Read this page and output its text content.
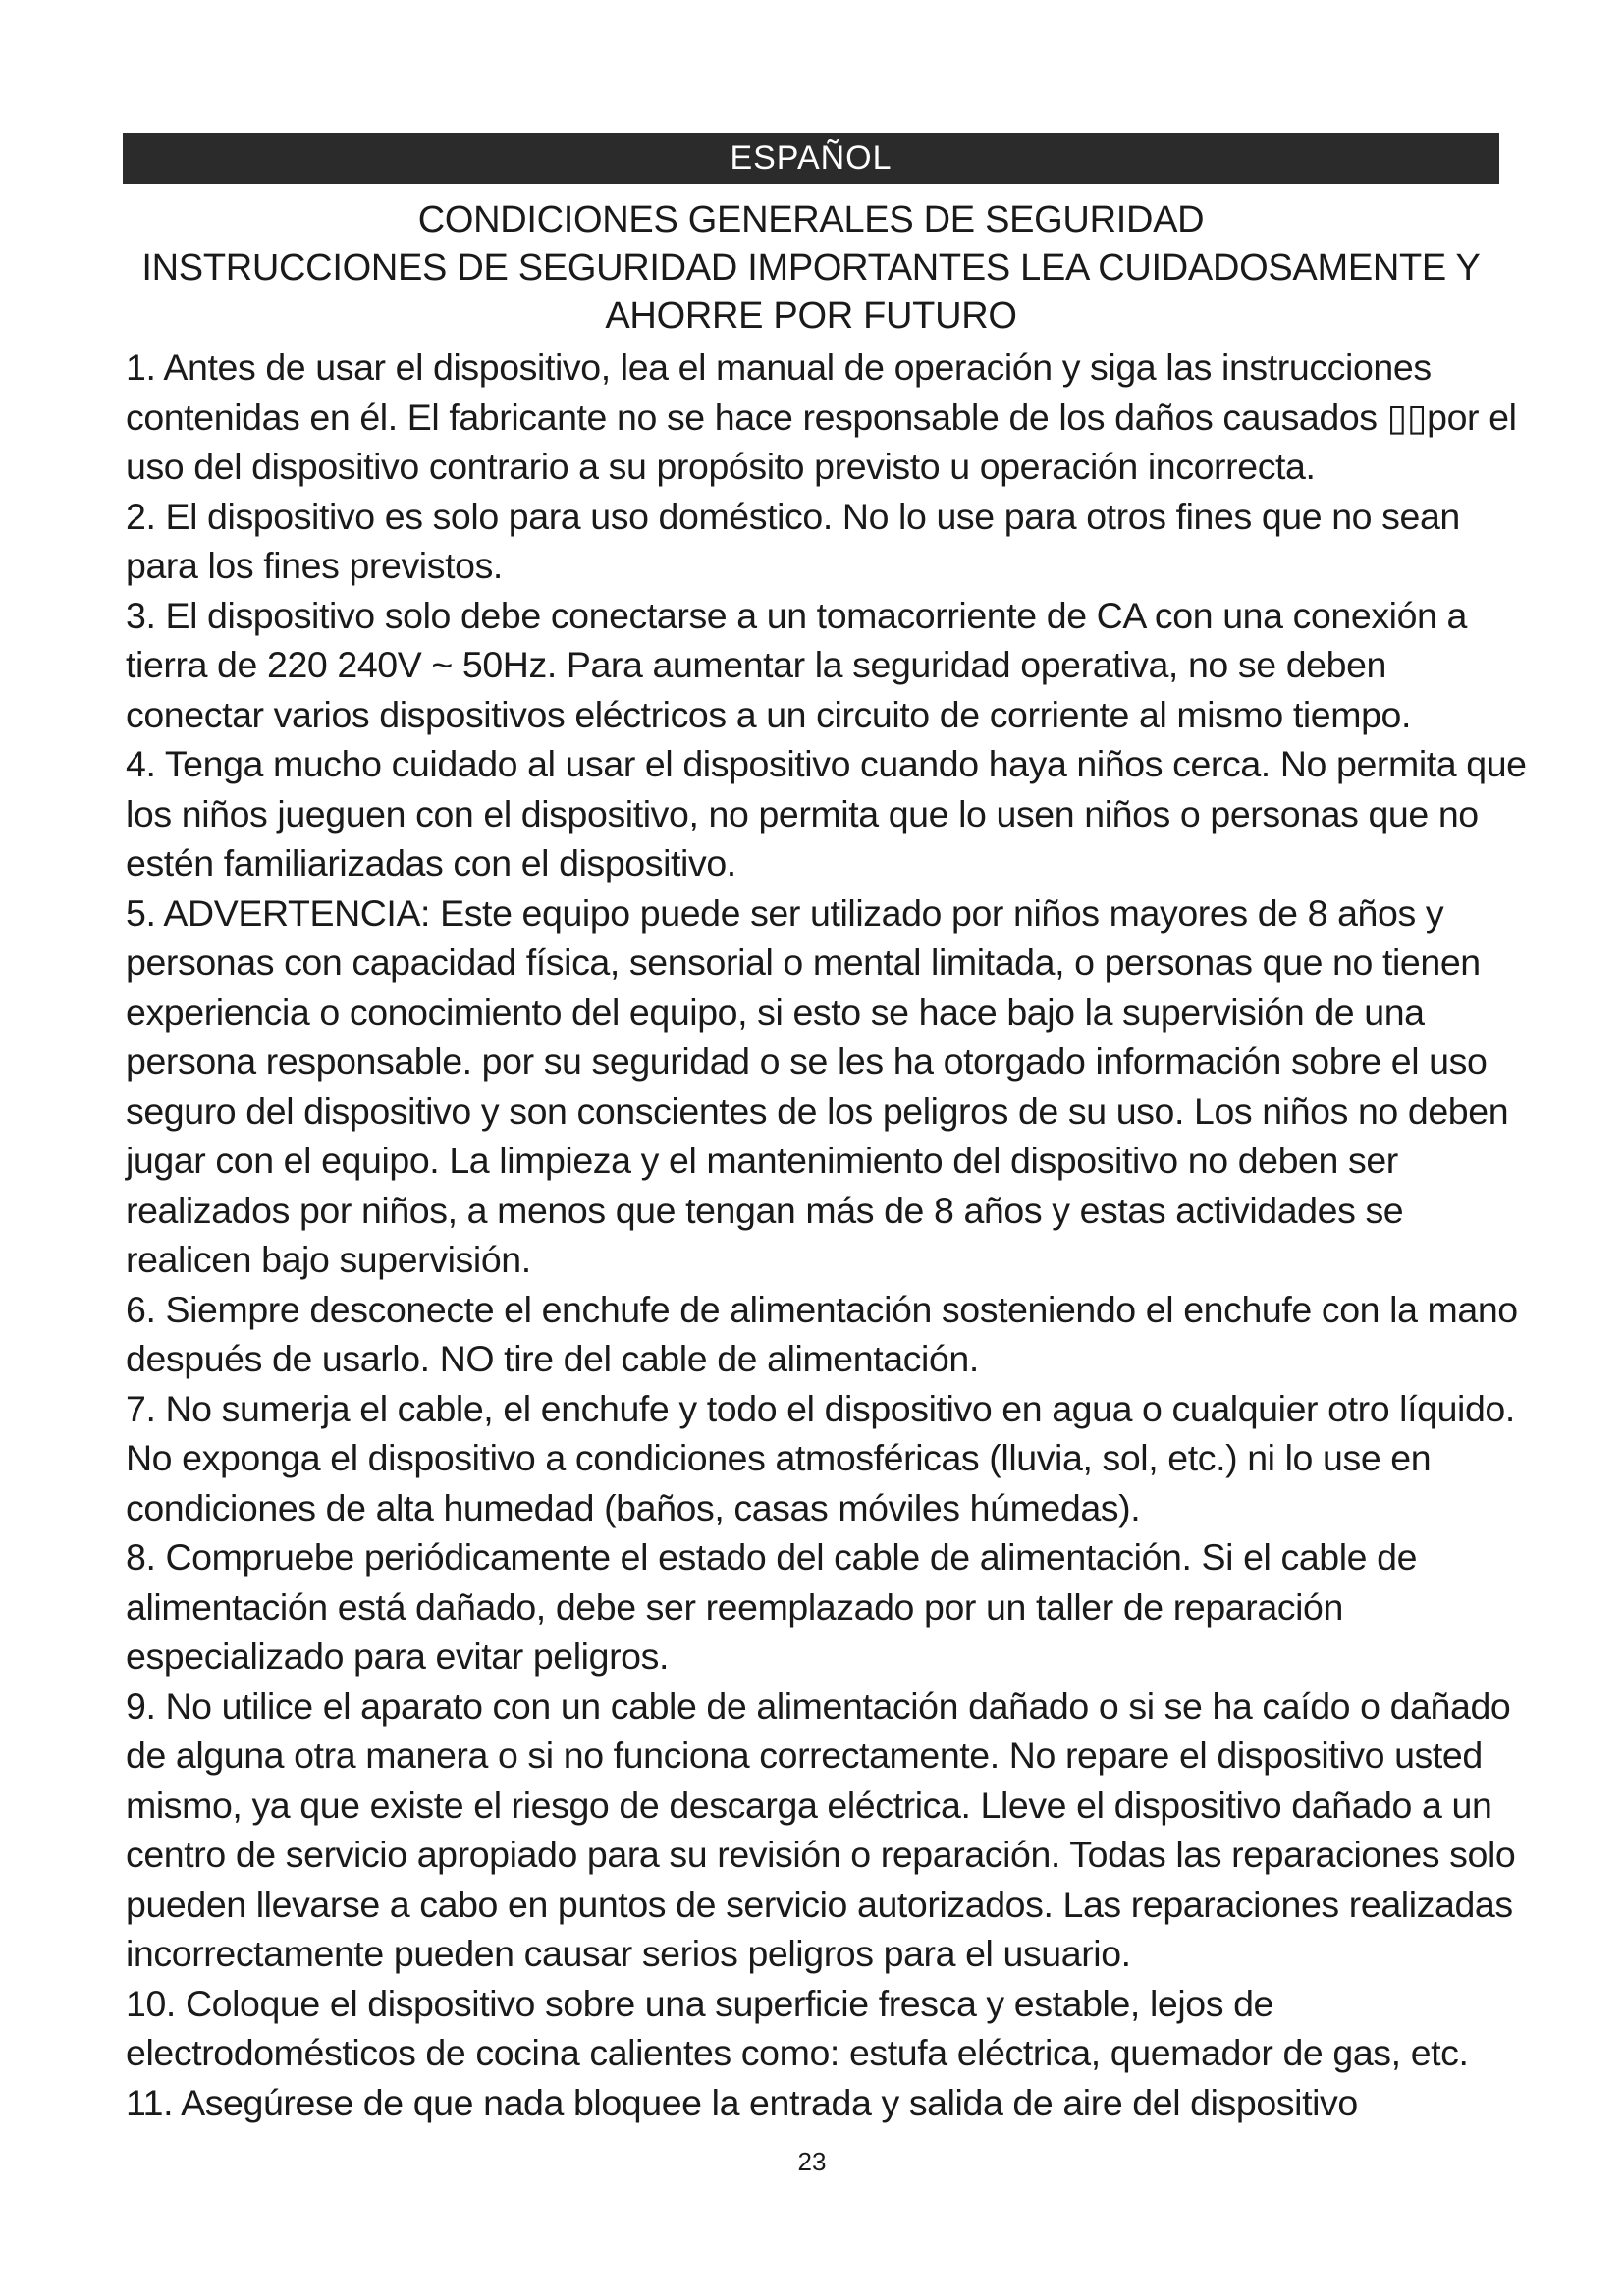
ESPAÑOL
CONDICIONES GENERALES DE SEGURIDAD
INSTRUCCIONES DE SEGURIDAD IMPORTANTES LEA CUIDADOSAMENTE Y
AHORRE POR FUTURO
1. Antes de usar el dispositivo, lea el manual de operación y siga las instrucciones
contenidas en él. El fabricante no se hace responsable de los daños causados ▯▯por el
uso del dispositivo contrario a su propósito previsto u operación incorrecta.
2. El dispositivo es solo para uso doméstico. No lo use para otros fines que no sean
para los fines previstos.
3. El dispositivo solo debe conectarse a un tomacorriente de CA con una conexión a
tierra de 220 240V ~ 50Hz. Para aumentar la seguridad operativa, no se deben
conectar varios dispositivos eléctricos a un circuito de corriente al mismo tiempo.
4. Tenga mucho cuidado al usar el dispositivo cuando haya niños cerca. No permita que
los niños jueguen con el dispositivo, no permita que lo usen niños o personas que no
estén familiarizadas con el dispositivo.
5. ADVERTENCIA: Este equipo puede ser utilizado por niños mayores de 8 años y
personas con capacidad física, sensorial o mental limitada, o personas que no tienen
experiencia o conocimiento del equipo, si esto se hace bajo la supervisión de una
persona responsable. por su seguridad o se les ha otorgado información sobre el uso
seguro del dispositivo y son conscientes de los peligros de su uso. Los niños no deben
jugar con el equipo. La limpieza y el mantenimiento del dispositivo no deben ser
realizados por niños, a menos que tengan más de 8 años y estas actividades se
realicen bajo supervisión.
6. Siempre desconecte el enchufe de alimentación sosteniendo el enchufe con la mano
después de usarlo. NO tire del cable de alimentación.
7. No sumerja el cable, el enchufe y todo el dispositivo en agua o cualquier otro líquido.
No exponga el dispositivo a condiciones atmosféricas (lluvia, sol, etc.) ni lo use en
condiciones de alta humedad (baños, casas móviles húmedas).
8. Compruebe periódicamente el estado del cable de alimentación. Si el cable de
alimentación está dañado, debe ser reemplazado por un taller de reparación
especializado para evitar peligros.
9. No utilice el aparato con un cable de alimentación dañado o si se ha caído o dañado
de alguna otra manera o si no funciona correctamente. No repare el dispositivo usted
mismo, ya que existe el riesgo de descarga eléctrica. Lleve el dispositivo dañado a un
centro de servicio apropiado para su revisión o reparación. Todas las reparaciones solo
pueden llevarse a cabo en puntos de servicio autorizados. Las reparaciones realizadas
incorrectamente pueden causar serios peligros para el usuario.
10. Coloque el dispositivo sobre una superficie fresca y estable, lejos de
electrodomésticos de cocina calientes como: estufa eléctrica, quemador de gas, etc.
11. Asegúrese de que nada bloquee la entrada y salida de aire del dispositivo
23
